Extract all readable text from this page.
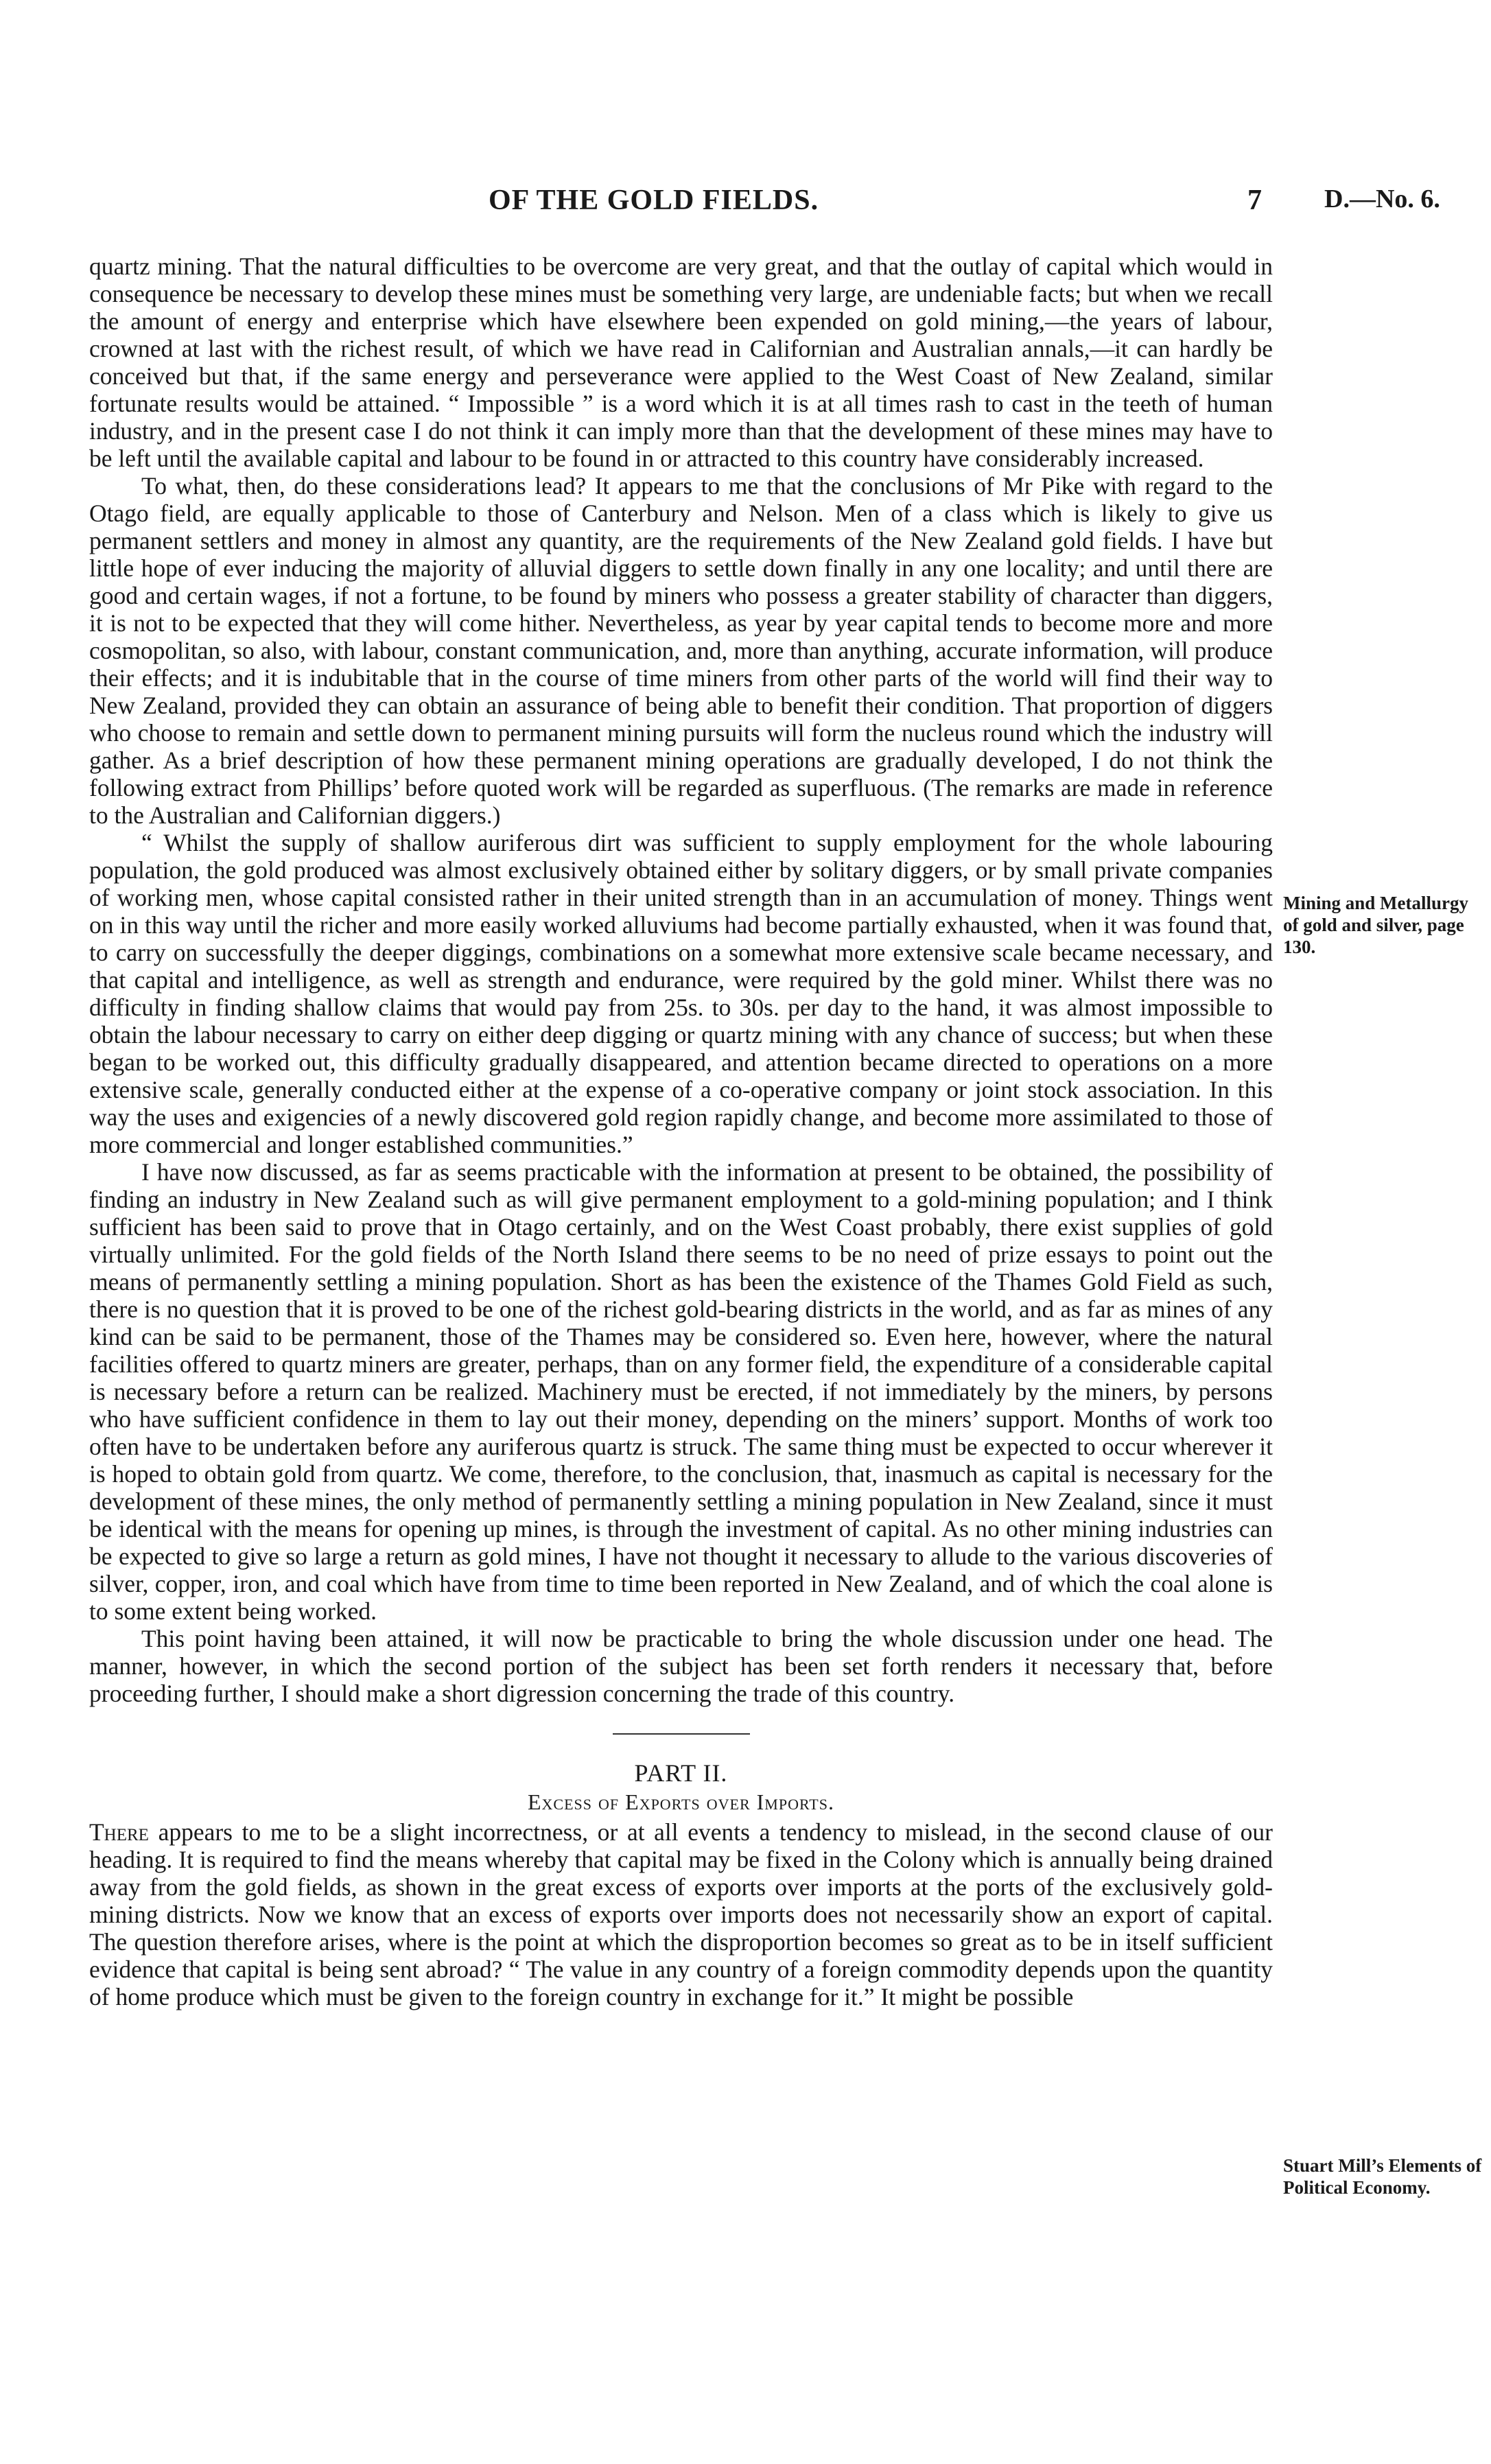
OF THE GOLD FIELDS.	7 D.—No. 6.

quartz mining. That the natural difficulties to be overcome are very great, and that the outlay of capital which would in consequence be necessary to develop these mines must be something very large, are undeniable facts; but when we recall the amount of energy and enterprise which have elsewhere been expended on gold mining,—the years of labour, crowned at last with the richest result, of which we have read in Californian and Australian annals,—it can hardly be conceived but that, if the same energy and perseverance were applied to the West Coast of New Zealand, similar fortunate results would be attained. “ Impossible ” is a word which it is at all times rash to cast in the teeth of human industry, and in the present case I do not think it can imply more than that the development of these mines may have to be left until the available capital and labour to be found in or attracted to this country have considerably increased.

To what, then, do these considerations lead? It appears to me that the conclusions of Mr Pike with regard to the Otago field, are equally applicable to those of Canterbury and Nelson. Men of a class which is likely to give us permanent settlers and money in almost any quantity, are the requirements of the New Zealand gold fields. I have but little hope of ever inducing the majority of alluvial diggers to settle down finally in any one locality; and until there are good and certain wages, if not a fortune, to be found by miners who possess a greater stability of character than diggers, it is not to be expected that they will come hither. Nevertheless, as year by year capital tends to become more and more cosmopolitan, so also, with labour, constant communication, and, more than anything, accurate information, will produce their effects; and it is indubitable that in the course of time miners from other parts of the world will find their way to New Zealand, provided they can obtain an assurance of being able to benefit their condition. That proportion of diggers who choose to remain and settle down to permanent mining pursuits will form the nucleus round which the industry will gather. As a brief description of how these permanent mining operations are gradually developed, I do not think the following extract from Phillips’ before quoted work will be regarded as superfluous. (The remarks are made in reference to the Australian and Californian diggers.)

“ Whilst the supply of shallow auriferous dirt was sufficient to supply employment for the whole labouring population, the gold produced was almost exclusively obtained either by solitary diggers, or by small private companies of working men, whose capital consisted rather in their united strength than in an accumulation of money. Things went on in this way until the richer and more easily worked alluviums had become partially exhausted, when it was found that, to carry on successfully the deeper diggings, combinations on a somewhat more extensive scale became necessary, and that capital and intelligence, as well as strength and endurance, were required by the gold miner. Whilst there was no difficulty in finding shallow claims that would pay from 25s. to 30s. per day to the hand, it was almost impossible to obtain the labour necessary to carry on either deep digging or quartz mining with any chance of success; but when these began to be worked out, this difficulty gradually disappeared, and attention became directed to operations on a more extensive scale, generally conducted either at the expense of a co-operative company or joint stock association. In this way the uses and exigencies of a newly discovered gold region rapidly change, and become more assimilated to those of more commercial and longer established communities.”

I have now discussed, as far as seems practicable with the information at present to be obtained, the possibility of finding an industry in New Zealand such as will give permanent employment to a gold-mining population; and I think sufficient has been said to prove that in Otago certainly, and on the West Coast probably, there exist supplies of gold virtually unlimited. For the gold fields of the North Island there seems to be no need of prize essays to point out the means of permanently settling a mining population. Short as has been the existence of the Thames Gold Field as such, there is no question that it is proved to be one of the richest gold-bearing districts in the world, and as far as mines of any kind can be said to be permanent, those of the Thames may be considered so. Even here, however, where the natural facilities offered to quartz miners are greater, perhaps, than on any former field, the expenditure of a considerable capital is necessary before a return can be realized. Machinery must be erected, if not immediately by the miners, by persons who have sufficient confidence in them to lay out their money, depending on the miners’ support. Months of work too often have to be undertaken before any auriferous quartz is struck. The same thing must be expected to occur wherever it is hoped to obtain gold from quartz. We come, therefore, to the conclusion, that, inasmuch as capital is necessary for the development of these mines, the only method of permanently settling a mining population in New Zealand, since it must be identical with the means for opening up mines, is through the investment of capital. As no other mining industries can be expected to give so large a return as gold mines, I have not thought it necessary to allude to the various discoveries of silver, copper, iron, and coal which have from time to time been reported in New Zealand, and of which the coal alone is to some extent being worked.

This point having been attained, it will now be practicable to bring the whole discussion under one head. The manner, however, in which the second portion of the subject has been set forth renders it necessary that, before proceeding further, I should make a short digression concerning the trade of this country.

PART II.

Excess of Exports over Imports.

There appears to me to be a slight incorrectness, or at all events a tendency to mislead, in the second clause of our heading. It is required to find the means whereby that capital may be fixed in the Colony which is annually being drained away from the gold fields, as shown in the great excess of exports over imports at the ports of the exclusively gold-mining districts. Now we know that an excess of exports over imports does not necessarily show an export of capital. The question therefore arises, where is the point at which the disproportion becomes so great as to be in itself sufficient evidence that capital is being sent abroad? “ The value in any country of a foreign commodity depends upon the quantity of home produce which must be given to the foreign country in exchange for it.” It might be possible

Mining and Metallurgy of gold and silver, page 130.
Stuart Mill’s Elements of Political Economy.
